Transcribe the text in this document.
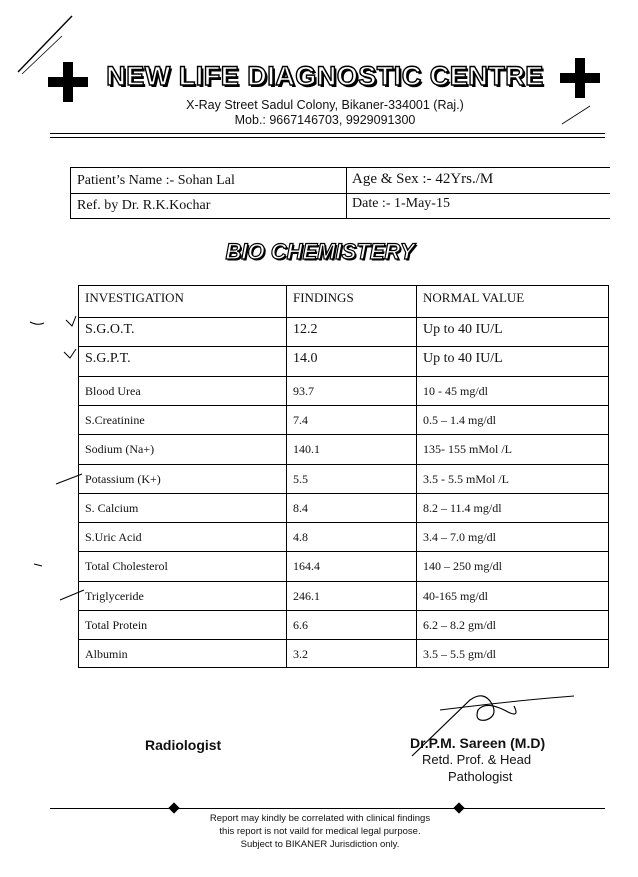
NEW LIFE DIAGNOSTIC CENTRE
X-Ray Street Sadul Colony, Bikaner-334001 (Raj.)
Mob.: 9667146703, 9929091300
Patient’s Name :- Sohan Lal
Ref. by Dr. R.K.Kochar
Age & Sex :- 42Yrs./M
Date :- 1-May-15
BIO CHEMISTERY
INVESTIGATION	FINDINGS	NORMAL VALUE
S.G.O.T.	12.2	Up to 40 IU/L
S.G.P.T.	14.0	Up to 40 IU/L
Blood Urea	93.7	10 - 45 mg/dl
S.Creatinine	7.4	0.5 – 1.4 mg/dl
Sodium (Na+)	140.1	135- 155 mMol /L
Potassium (K+)	5.5	3.5 - 5.5 mMol /L
S. Calcium	8.4	8.2 – 11.4 mg/dl
S.Uric Acid	4.8	3.4 – 7.0 mg/dl
Total Cholesterol	164.4	140 – 250 mg/dl
Triglyceride	246.1	40-165 mg/dl
Total Protein	6.6	6.2 – 8.2 gm/dl
Albumin	3.2	3.5 – 5.5 gm/dl
Radiologist	Dr.P.M. Sareen (M.D)
Retd. Prof. & Head
Pathologist
Report may kindly be correlated with clinical findings
this report is not vaild for medical legal purpose.
Subject to BIKANER Jurisdiction only.
